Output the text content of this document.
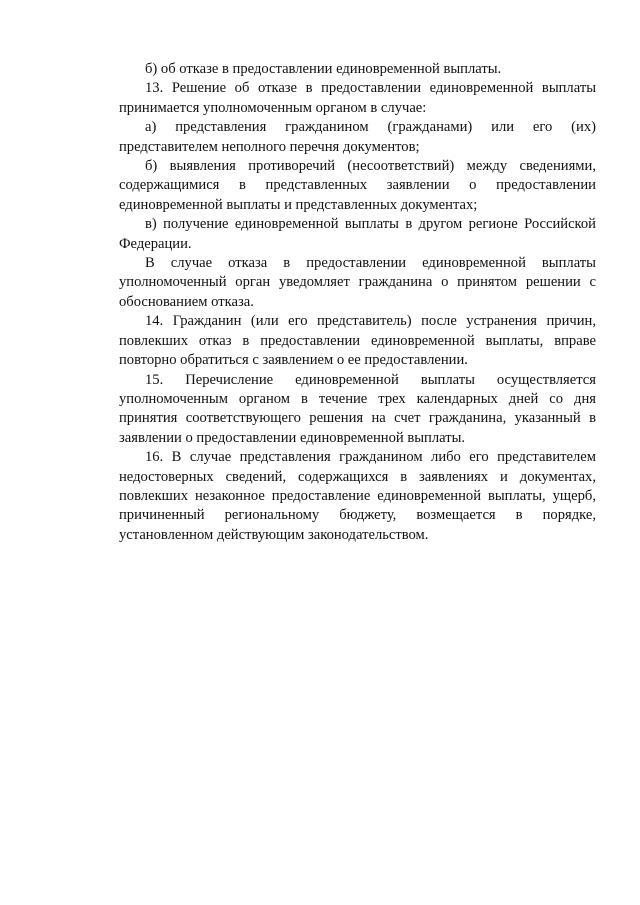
б) об отказе в предоставлении единовременной выплаты.

13. Решение об отказе в предоставлении единовременной выплаты принимается уполномоченным органом в случае:

а) представления гражданином (гражданами) или его (их) представителем неполного перечня документов;

б) выявления противоречий (несоответствий) между сведениями, содержащимися в представленных заявлении о предоставлении единовременной выплаты и представленных документах;

в) получение единовременной выплаты в другом регионе Российской Федерации.

В случае отказа в предоставлении единовременной выплаты уполномоченный орган уведомляет гражданина о принятом решении с обоснованием отказа.

14. Гражданин (или его представитель) после устранения причин, повлекших отказ в предоставлении единовременной выплаты, вправе повторно обратиться с заявлением о ее предоставлении.

15. Перечисление единовременной выплаты осуществляется уполномоченным органом в течение трех календарных дней со дня принятия соответствующего решения на счет гражданина, указанный в заявлении о предоставлении единовременной выплаты.

16. В случае представления гражданином либо его представителем недостоверных сведений, содержащихся в заявлениях и документах, повлекших незаконное предоставление единовременной выплаты, ущерб, причиненный региональному бюджету, возмещается в порядке, установленном действующим законодательством.
